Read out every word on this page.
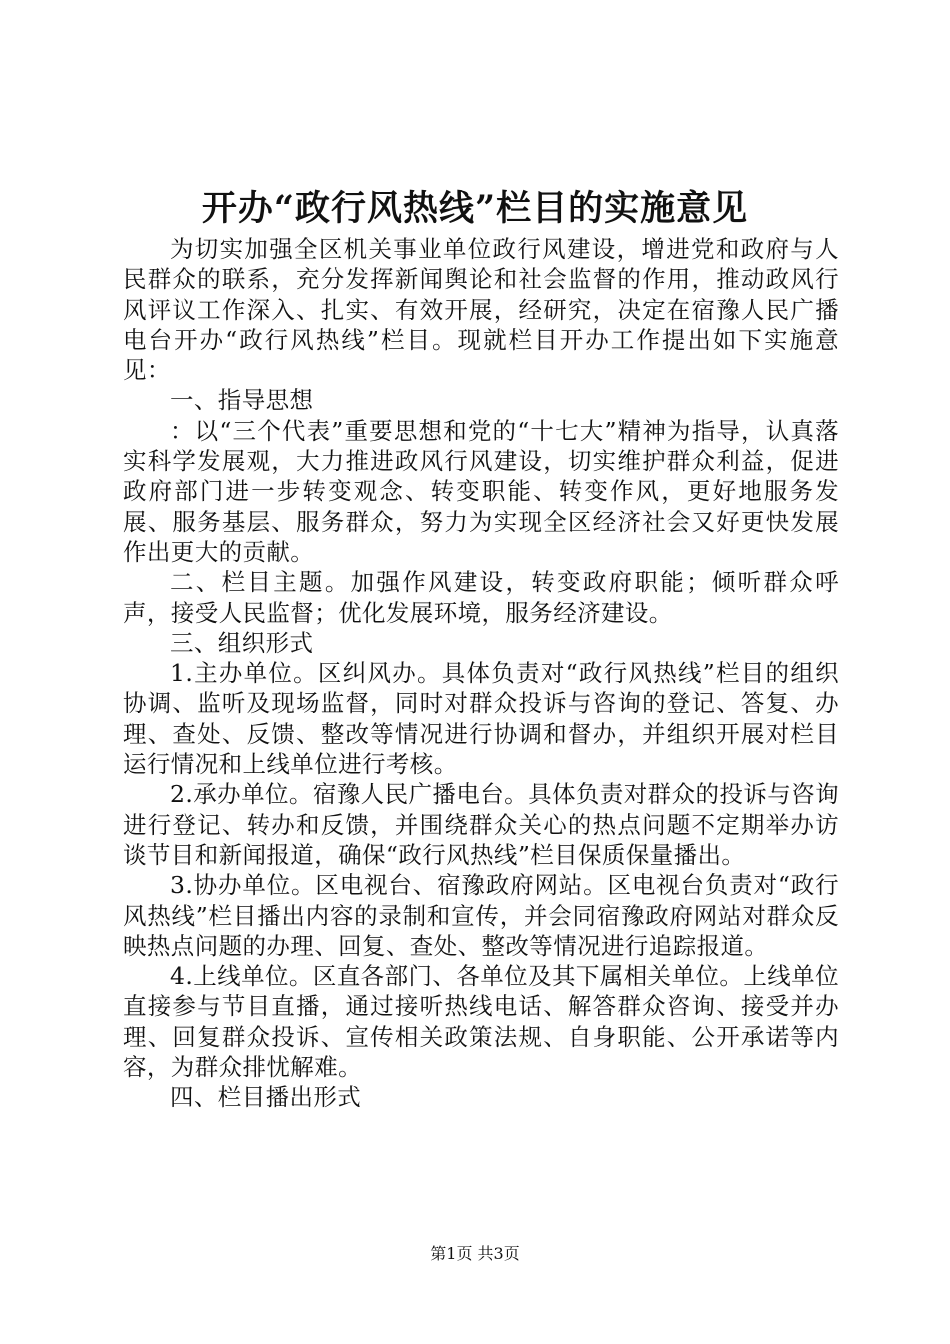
开办“政行风热线”栏目的实施意见

为切实加强全区机关事业单位政行风建设，增进党和政府与人民群众的联系，充分发挥新闻舆论和社会监督的作用，推动政风行风评议工作深入、扎实、有效开展，经研究，决定在宿豫人民广播电台开办“政行风热线”栏目。现就栏目开办工作提出如下实施意见：

一、指导思想

：以“三个代表”重要思想和党的“十七大”精神为指导，认真落实科学发展观，大力推进政风行风建设，切实维护群众利益，促进政府部门进一步转变观念、转变职能、转变作风，更好地服务发展、服务基层、服务群众，努力为实现全区经济社会又好更快发展作出更大的贡献。

二、栏目主题。加强作风建设，转变政府职能；倾听群众呼声，接受人民监督；优化发展环境，服务经济建设。

三、组织形式

1.主办单位。区纠风办。具体负责对“政行风热线”栏目的组织协调、监听及现场监督，同时对群众投诉与咨询的登记、答复、办理、查处、反馈、整改等情况进行协调和督办，并组织开展对栏目运行情况和上线单位进行考核。

2.承办单位。宿豫人民广播电台。具体负责对群众的投诉与咨询进行登记、转办和反馈，并围绕群众关心的热点问题不定期举办访谈节目和新闻报道，确保“政行风热线”栏目保质保量播出。

3.协办单位。区电视台、宿豫政府网站。区电视台负责对“政行风热线”栏目播出内容的录制和宣传，并会同宿豫政府网站对群众反映热点问题的办理、回复、查处、整改等情况进行追踪报道。

4.上线单位。区直各部门、各单位及其下属相关单位。上线单位直接参与节目直播，通过接听热线电话、解答群众咨询、接受并办理、回复群众投诉、宣传相关政策法规、自身职能、公开承诺等内容，为群众排忧解难。

四、栏目播出形式

第1页 共3页
